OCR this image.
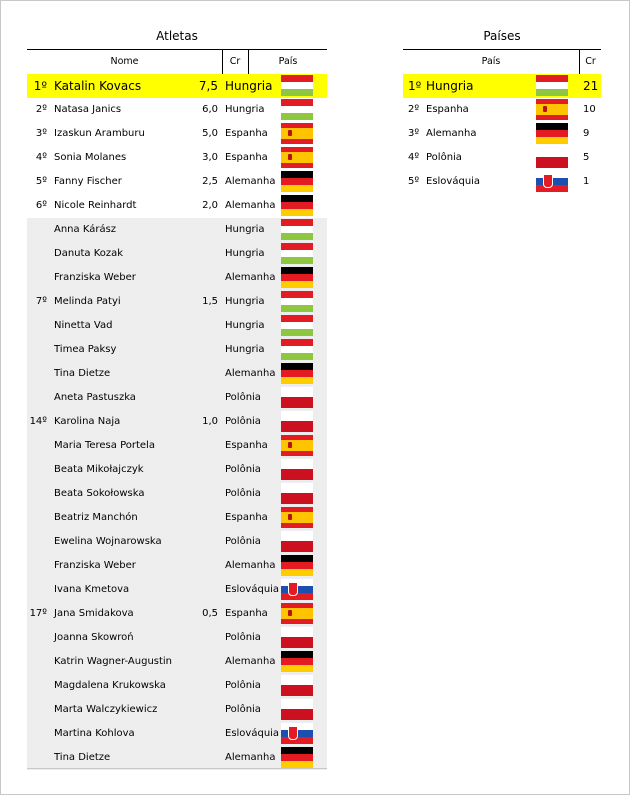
Atletas
Nome	Cr	País
1º Katalin Kovacs	7,5 Hungria
2º Natasa Janics	6,0 Hungria
3º Izaskun Aramburu	5,0 Espanha
4º Sonia Molanes	3,0 Espanha
5º Fanny Fischer	2,5 Alemanha
6º Nicole Reinhardt	2,0 Alemanha
Anna Kárász	Hungria
Danuta Kozak	Hungria
Franziska Weber	Alemanha
7º Melinda Patyi	1,5 Hungria
Ninetta Vad	Hungria
Timea Paksy	Hungria
Tina Dietze	Alemanha
Aneta Pastuszka	Polônia
14º Karolina Naja	1,0 Polônia
Maria Teresa Portela	Espanha
Beata Mikołajczyk	Polônia
Beata Sokołowska	Polônia
Beatriz Manchón	Espanha
Ewelina Wojnarowska	Polônia
Franziska Weber	Alemanha
Ivana Kmetova	Eslováquia
17º Jana Smidakova	0,5 Espanha
Joanna Skowroń	Polônia
Katrin Wagner-Augustin	Alemanha
Magdalena Krukowska	Polônia
Marta Walczykiewicz	Polônia
Martina Kohlova	Eslováquia
Tina Dietze	Alemanha
Países
País	Cr
1º Hungria	21
2º Espanha	10
3º Alemanha	9
4º Polônia	5
5º Eslováquia	1
